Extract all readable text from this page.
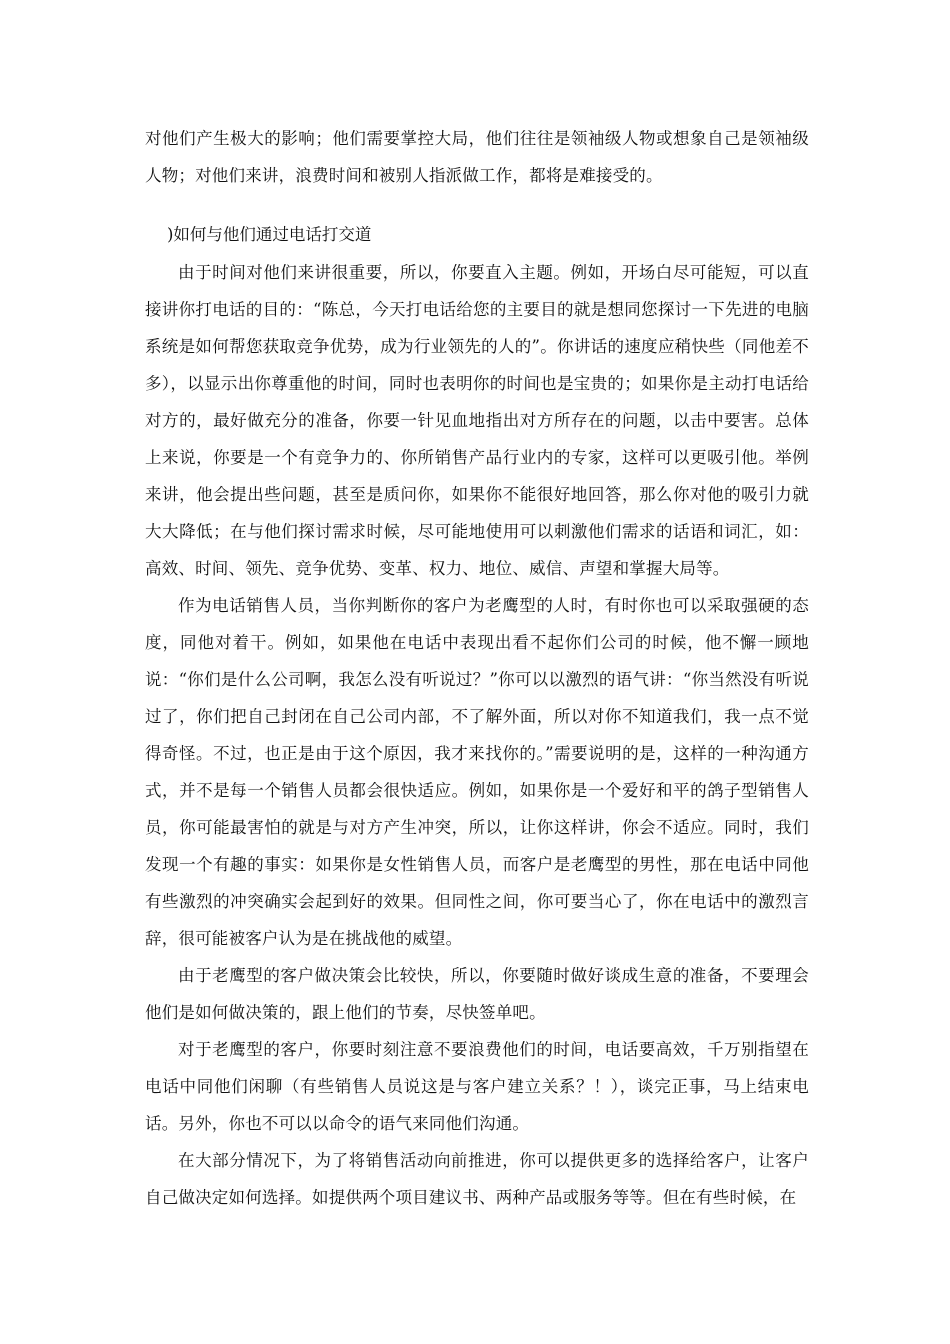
对他们产生极大的影响；他们需要掌控大局，他们往往是领袖级人物或想象自己是领袖级人物；对他们来讲，浪费时间和被别人指派做工作，都将是难接受的。

)如何与他们通过电话打交道

由于时间对他们来讲很重要，所以，你要直入主题。例如，开场白尽可能短，可以直接讲你打电话的目的：“陈总，今天打电话给您的主要目的就是想同您探讨一下先进的电脑系统是如何帮您获取竞争优势，成为行业领先的人的”。你讲话的速度应稍快些（同他差不多），以显示出你尊重他的时间，同时也表明你的时间也是宝贵的；如果你是主动打电话给对方的，最好做充分的准备，你要一针见血地指出对方所存在的问题，以击中要害。总体上来说，你要是一个有竞争力的、你所销售产品行业内的专家，这样可以更吸引他。举例来讲，他会提出些问题，甚至是质问你，如果你不能很好地回答，那么你对他的吸引力就大大降低；在与他们探讨需求时候，尽可能地使用可以刺激他们需求的话语和词汇，如：高效、时间、领先、竞争优势、变革、权力、地位、威信、声望和掌握大局等。

作为电话销售人员，当你判断你的客户为老鹰型的人时，有时你也可以采取强硬的态度，同他对着干。例如，如果他在电话中表现出看不起你们公司的时候，他不懈一顾地说：“你们是什么公司啊，我怎么没有听说过？”你可以以激烈的语气讲：“你当然没有听说过了，你们把自己封闭在自己公司内部，不了解外面，所以对你不知道我们，我一点不觉得奇怪。不过，也正是由于这个原因，我才来找你的。”需要说明的是，这样的一种沟通方式，并不是每一个销售人员都会很快适应。例如，如果你是一个爱好和平的鸽子型销售人员，你可能最害怕的就是与对方产生冲突，所以，让你这样讲，你会不适应。同时，我们发现一个有趣的事实：如果你是女性销售人员，而客户是老鹰型的男性，那在电话中同他有些激烈的冲突确实会起到好的效果。但同性之间，你可要当心了，你在电话中的激烈言辞，很可能被客户认为是在挑战他的威望。

由于老鹰型的客户做决策会比较快，所以，你要随时做好谈成生意的准备，不要理会他们是如何做决策的，跟上他们的节奏，尽快签单吧。

对于老鹰型的客户，你要时刻注意不要浪费他们的时间，电话要高效，千万别指望在电话中同他们闲聊（有些销售人员说这是与客户建立关系？！），谈完正事，马上结束电话。另外，你也不可以以命令的语气来同他们沟通。

在大部分情况下，为了将销售活动向前推进，你可以提供更多的选择给客户，让客户自己做决定如何选择。如提供两个项目建议书、两种产品或服务等等。但在有些时候，在
